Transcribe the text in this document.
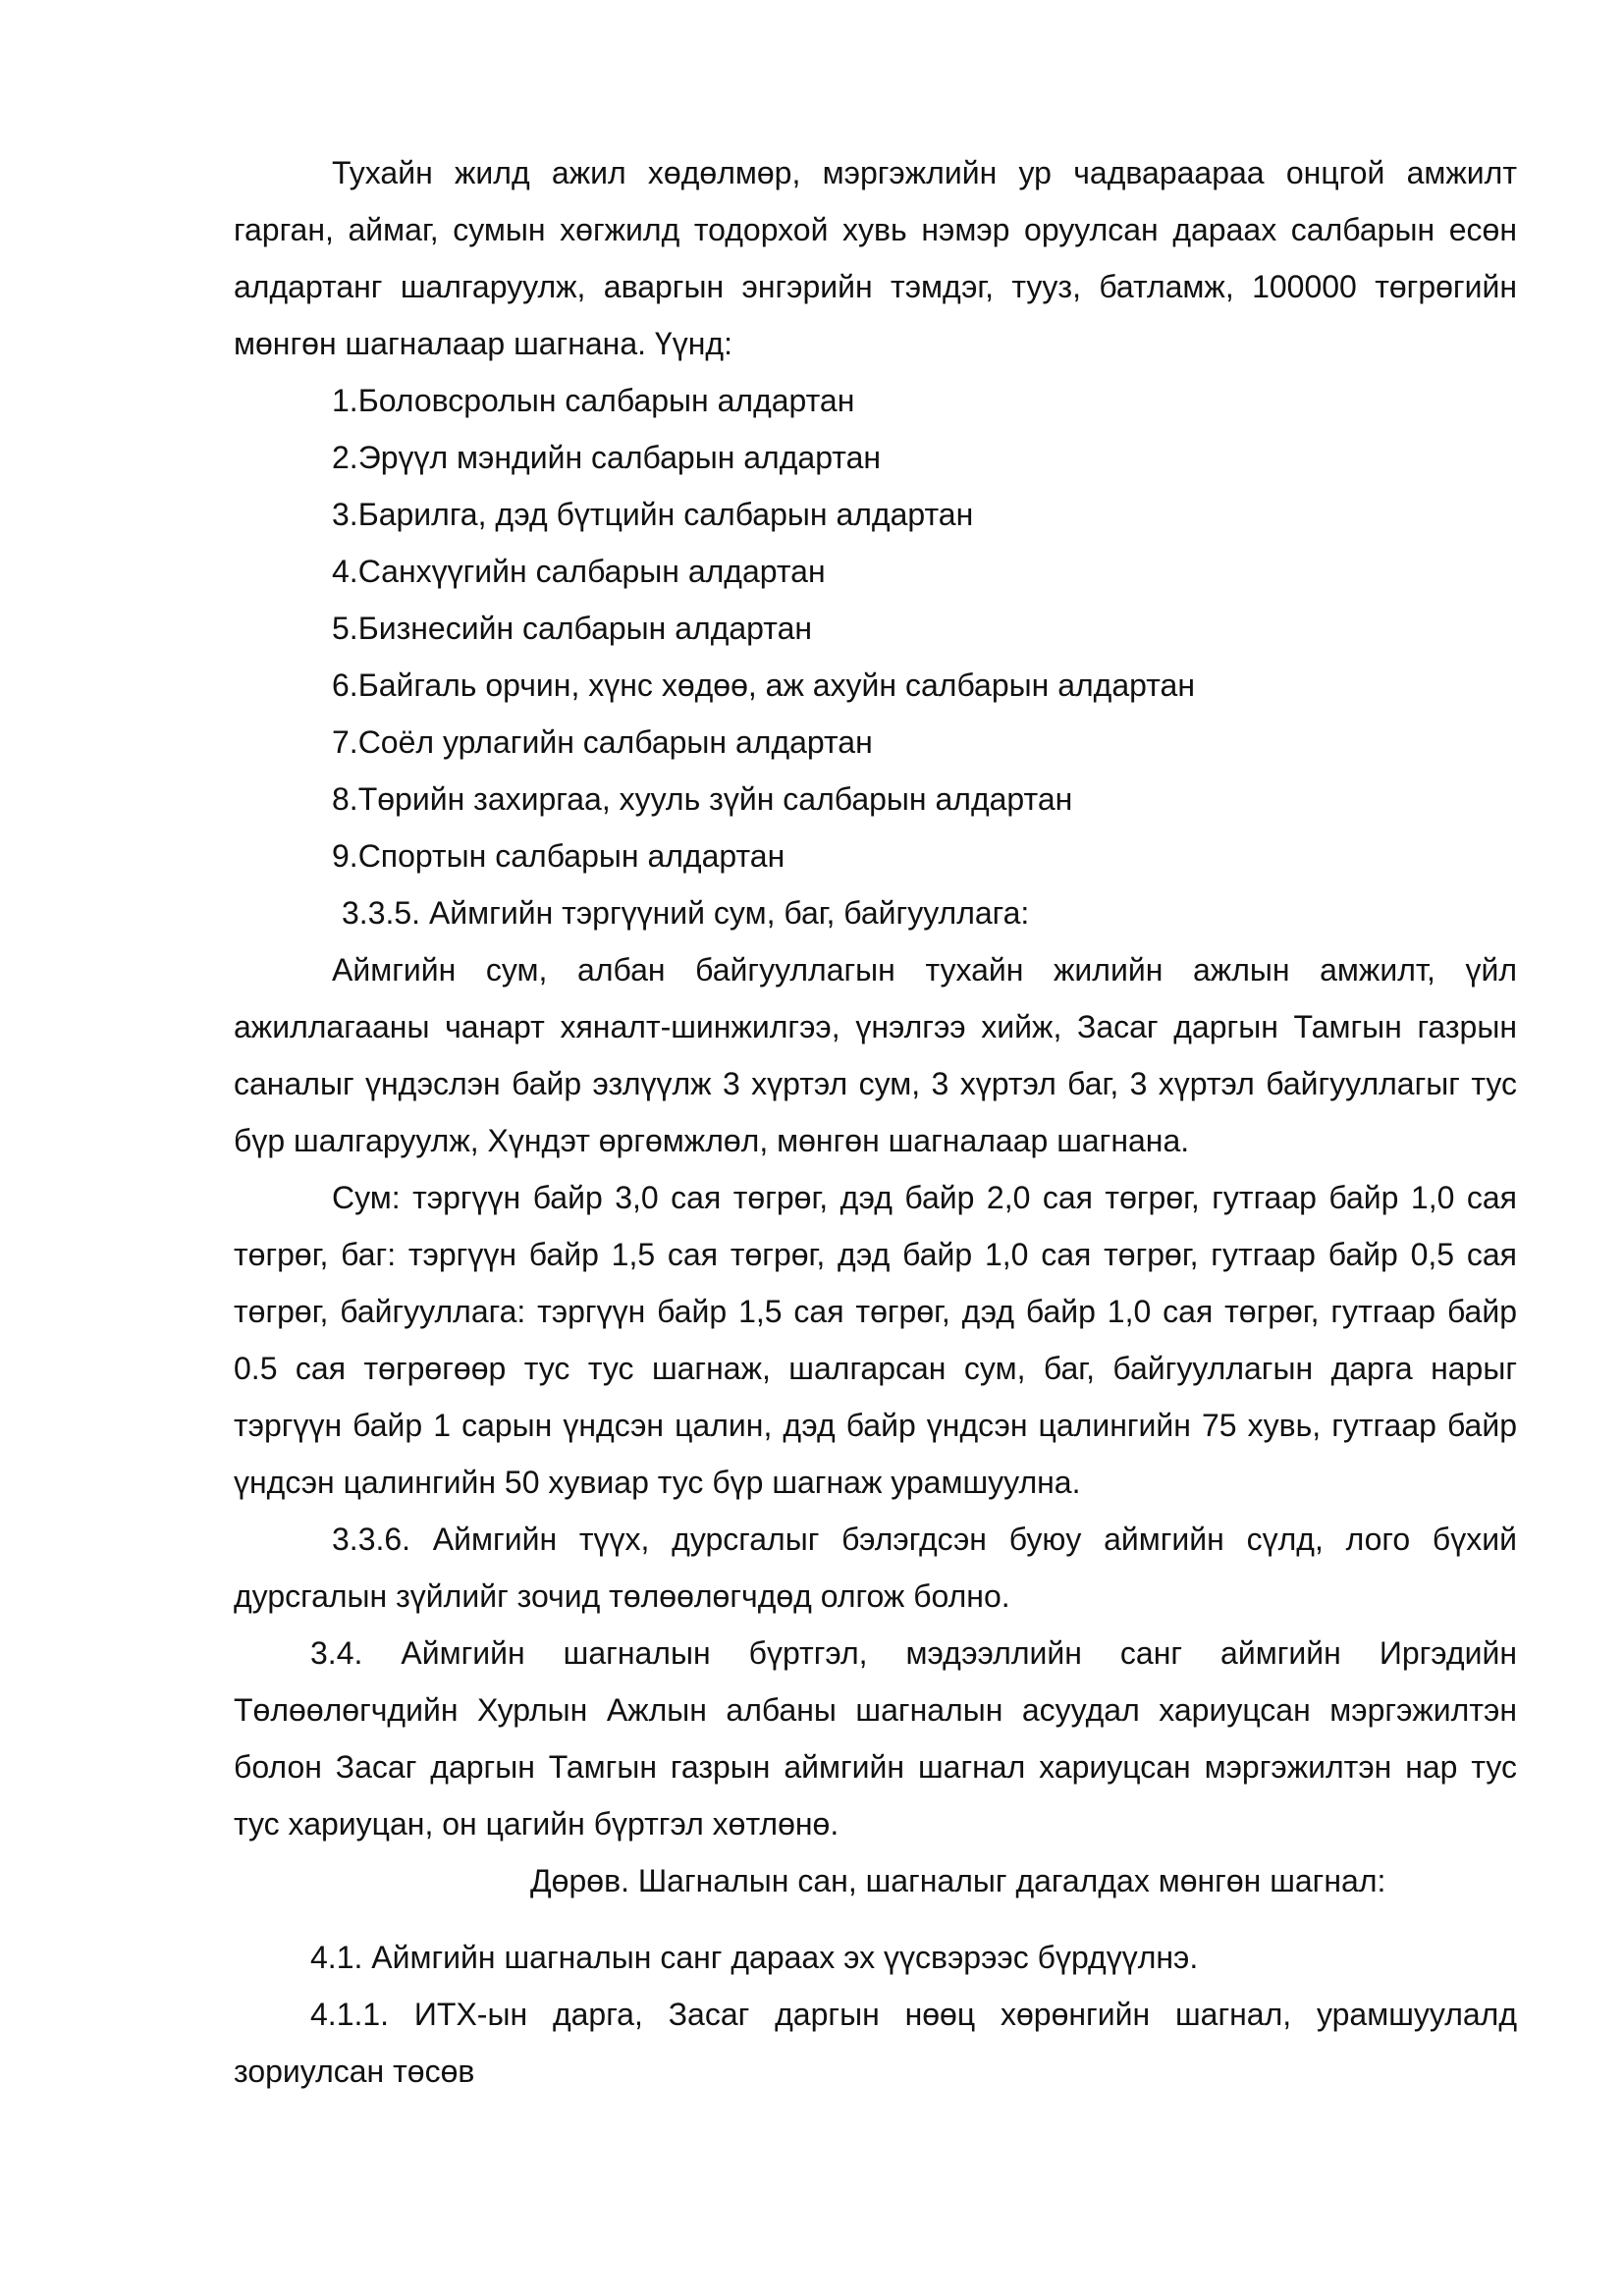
Тухайн жилд ажил хөдөлмөр, мэргэжлийн ур чадвараараа онцгой амжилт гарган, аймаг, сумын хөгжилд тодорхой хувь нэмэр оруулсан дараах салбарын есөн алдартанг шалгаруулж, аваргын энгэрийн тэмдэг, тууз, батламж, 100000 төгрөгийн мөнгөн шагналаар шагнана. Үүнд:

1.Боловсролын салбарын алдартан

2.Эрүүл мэндийн салбарын алдартан

3.Барилга, дэд бүтцийн салбарын алдартан

4.Санхүүгийн салбарын алдартан

5.Бизнесийн салбарын алдартан

6.Байгаль орчин, хүнс хөдөө, аж ахуйн салбарын алдартан

7.Соёл урлагийн салбарын алдартан

8.Төрийн захиргаа, хууль зүйн салбарын алдартан

9.Спортын салбарын алдартан

3.3.5. Аймгийн тэргүүний сум, баг, байгууллага:

Аймгийн сум, албан байгууллагын тухайн жилийн ажлын амжилт, үйл ажиллагааны чанарт хяналт-шинжилгээ, үнэлгээ хийж, Засаг даргын Тамгын газрын саналыг үндэслэн байр эзлүүлж 3 хүртэл сум, 3 хүртэл баг, 3 хүртэл байгууллагыг тус бүр шалгаруулж, Хүндэт өргөмжлөл, мөнгөн шагналаар шагнана.

Сум: тэргүүн байр 3,0 сая төгрөг, дэд байр 2,0 сая төгрөг, гутгаар байр 1,0 сая төгрөг, баг: тэргүүн байр 1,5 сая төгрөг, дэд байр 1,0 сая төгрөг, гутгаар байр 0,5 сая төгрөг, байгууллага: тэргүүн байр 1,5 сая төгрөг, дэд байр 1,0 сая төгрөг, гутгаар байр 0.5 сая төгрөгөөр тус тус шагнаж, шалгарсан сум, баг, байгууллагын дарга нарыг тэргүүн байр 1 сарын үндсэн цалин, дэд байр үндсэн цалингийн 75 хувь, гутгаар байр үндсэн цалингийн 50 хувиар тус бүр шагнаж урамшуулна.

3.3.6. Аймгийн түүх, дурсгалыг бэлэгдсэн буюу аймгийн сүлд, лого бүхий дурсгалын зүйлийг зочид төлөөлөгчдөд олгож болно.

3.4. Аймгийн шагналын бүртгэл, мэдээллийн санг аймгийн Иргэдийн Төлөөлөгчдийн Хурлын Ажлын албаны шагналын асуудал хариуцсан мэргэжилтэн болон Засаг даргын Тамгын газрын аймгийн шагнал хариуцсан мэргэжилтэн нар тус тус хариуцан, он цагийн бүртгэл хөтлөнө.

Дөрөв. Шагналын сан, шагналыг дагалдах мөнгөн шагнал:

4.1. Аймгийн шагналын санг дараах эх үүсвэрээс бүрдүүлнэ.

4.1.1. ИТХ-ын дарга, Засаг даргын нөөц хөрөнгийн шагнал, урамшуулалд зориулсан төсөв
